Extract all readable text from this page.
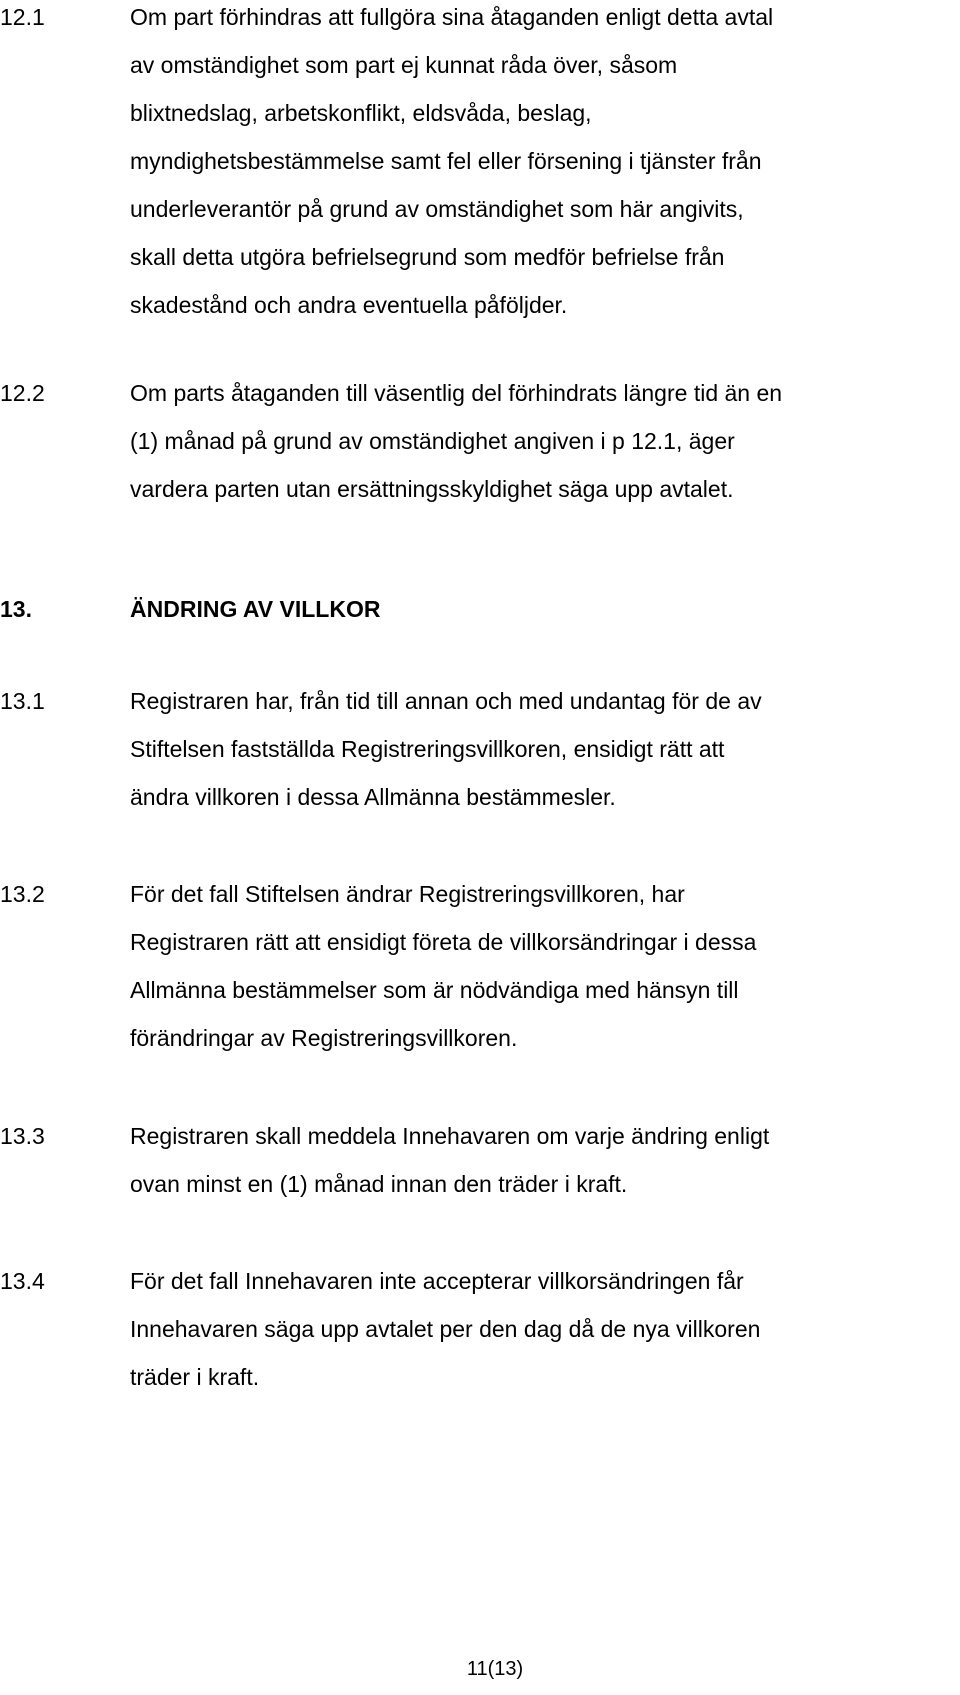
12.1	Om part förhindras att fullgöra sina åtaganden enligt detta avtal
av omständighet som part ej kunnat råda över, såsom
blixtnedslag, arbetskonflikt, eldsvåda, beslag,
myndighetsbestämmelse samt fel eller försening i tjänster från
underleverantör på grund av omständighet som här angivits,
skall detta utgöra befrielsegrund som medför befrielse från
skadestånd och andra eventuella påföljder.
12.2	Om parts åtaganden till väsentlig del förhindrats längre tid än en
(1) månad på grund av omständighet angiven i p 12.1, äger
vardera parten utan ersättningsskyldighet säga upp avtalet.
13.	ÄNDRING AV VILLKOR
13.1	Registraren har, från tid till annan och med undantag för de av
Stiftelsen fastställda Registreringsvillkoren, ensidigt rätt att
ändra villkoren i dessa Allmänna bestämmesler.
13.2	För det fall Stiftelsen ändrar Registreringsvillkoren, har
Registraren rätt att ensidigt företa de villkorsändringar i dessa
Allmänna bestämmelser som är nödvändiga med hänsyn till
förändringar av Registreringsvillkoren.
13.3	Registraren skall meddela Innehavaren om varje ändring enligt
ovan minst en (1) månad innan den träder i kraft.
13.4	För det fall Innehavaren inte accepterar villkorsändringen får
Innehavaren säga upp avtalet per den dag då de nya villkoren
träder i kraft.
11(13)
